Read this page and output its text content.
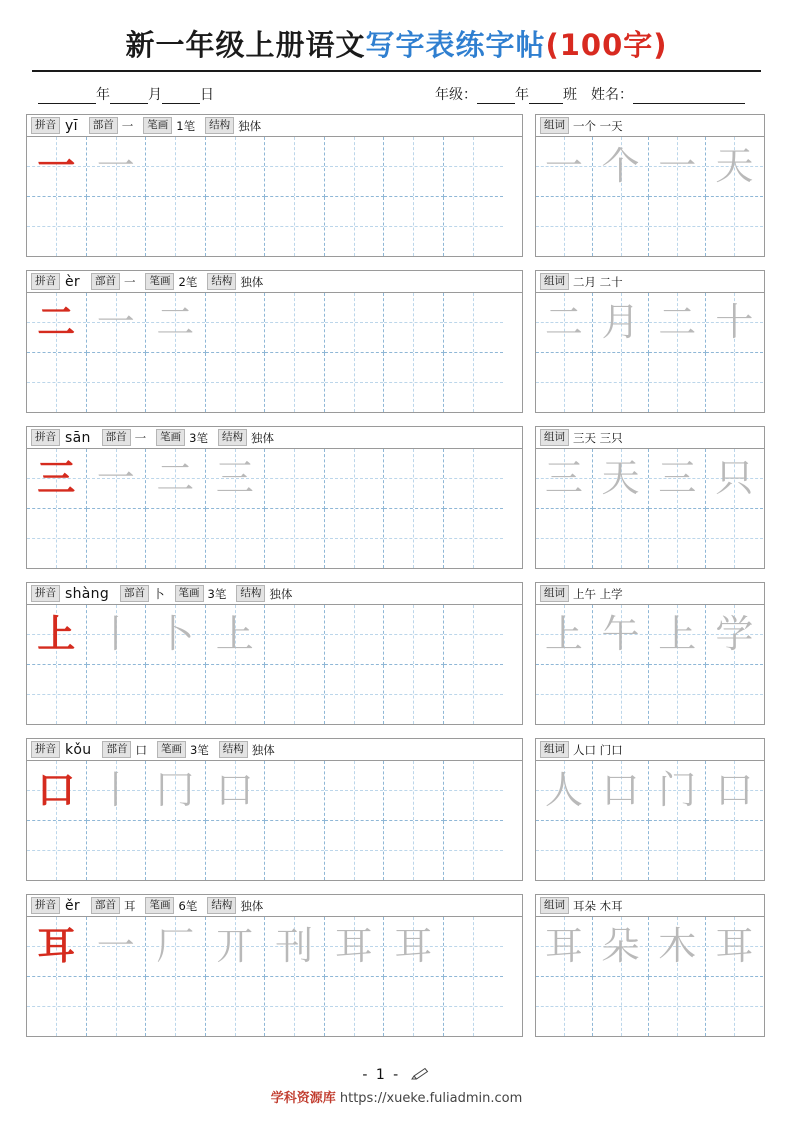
新一年级上册语文写字表练字帖(100字)
年	月	日	年级：	年 班 姓名：
拼音 yī	部首 一	笔画 1笔	结构 独体
一 一
组词 一个 一天
一 个 一 天
拼音 èr	部首 一	笔画 2笔	结构 独体
二 一 二
组词 二月 二十
二 月 二 十
拼音 sān	部首 一	笔画 3笔	结构 独体
三 一 二 三
组词 三天 三只
三 天 三 只
拼音 shàng	部首 卜	笔画 3笔	结构 独体
上 丨 卜 上
组词 上午 上学
上 午 上 学
拼音 kǒu	部首 口	笔画 3笔	结构 独体
口 丨 冂 口
组词 人口 门口
人 口 门 口
拼音 ěr	部首 耳	笔画 6笔	结构 独体
耳 一 厂 丌 刊 耳 耳
组词 耳朵 木耳
耳 朵 木 耳
- 1 -
学科资源库 https://xueke.fuliadmin.com
